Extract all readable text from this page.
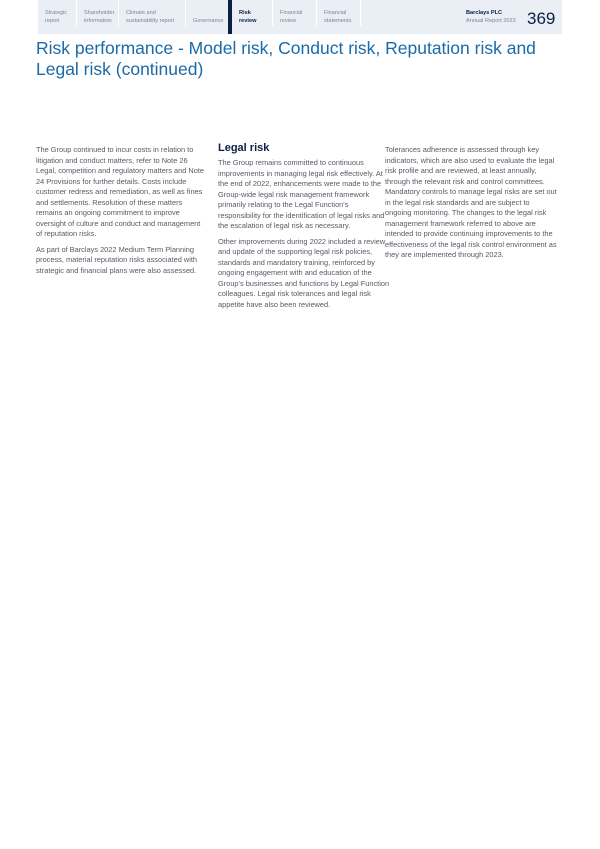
Strategic
report
Shareholder
information
Climate and
sustainability report	Governance
Risk
review
Financial
review
Financial
statements
Barclays PLC
Annual Report 2022 369
Risk performance - Model risk, Conduct risk, Reputation risk and Legal risk (continued)

The Group continued to incur costs in relation to litigation and conduct matters, refer to Note 26 Legal, competition and regulatory matters and Note 24 Provisions for further details. Costs include customer redress and remediation, as well as fines and settlements. Resolution of these matters remains an ongoing commitment to improve oversight of culture and conduct and management of reputation risks.

As part of Barclays 2022 Medium Term Planning process, material reputation risks associated with strategic and financial plans were also assessed.

Legal risk

The Group remains committed to continuous improvements in managing legal risk effectively. At the end of 2022, enhancements were made to the Group-wide legal risk management framework primarily relating to the Legal Function's responsibility for the identification of legal risks and the escalation of legal risk as necessary.

Other improvements during 2022 included a review and update of the supporting legal risk policies, standards and mandatory training, reinforced by ongoing engagement with and education of the Group's businesses and functions by Legal Function colleagues. Legal risk tolerances and legal risk appetite have also been reviewed.

Tolerances adherence is assessed through key indicators, which are also used to evaluate the legal risk profile and are reviewed, at least annually, through the relevant risk and control committees. Mandatory controls to manage legal risks are set out in the legal risk standards and are subject to ongoing monitoring. The changes to the legal risk management framework referred to above are intended to provide continuing improvements to the effectiveness of the legal risk control environment as they are implemented through 2023.
